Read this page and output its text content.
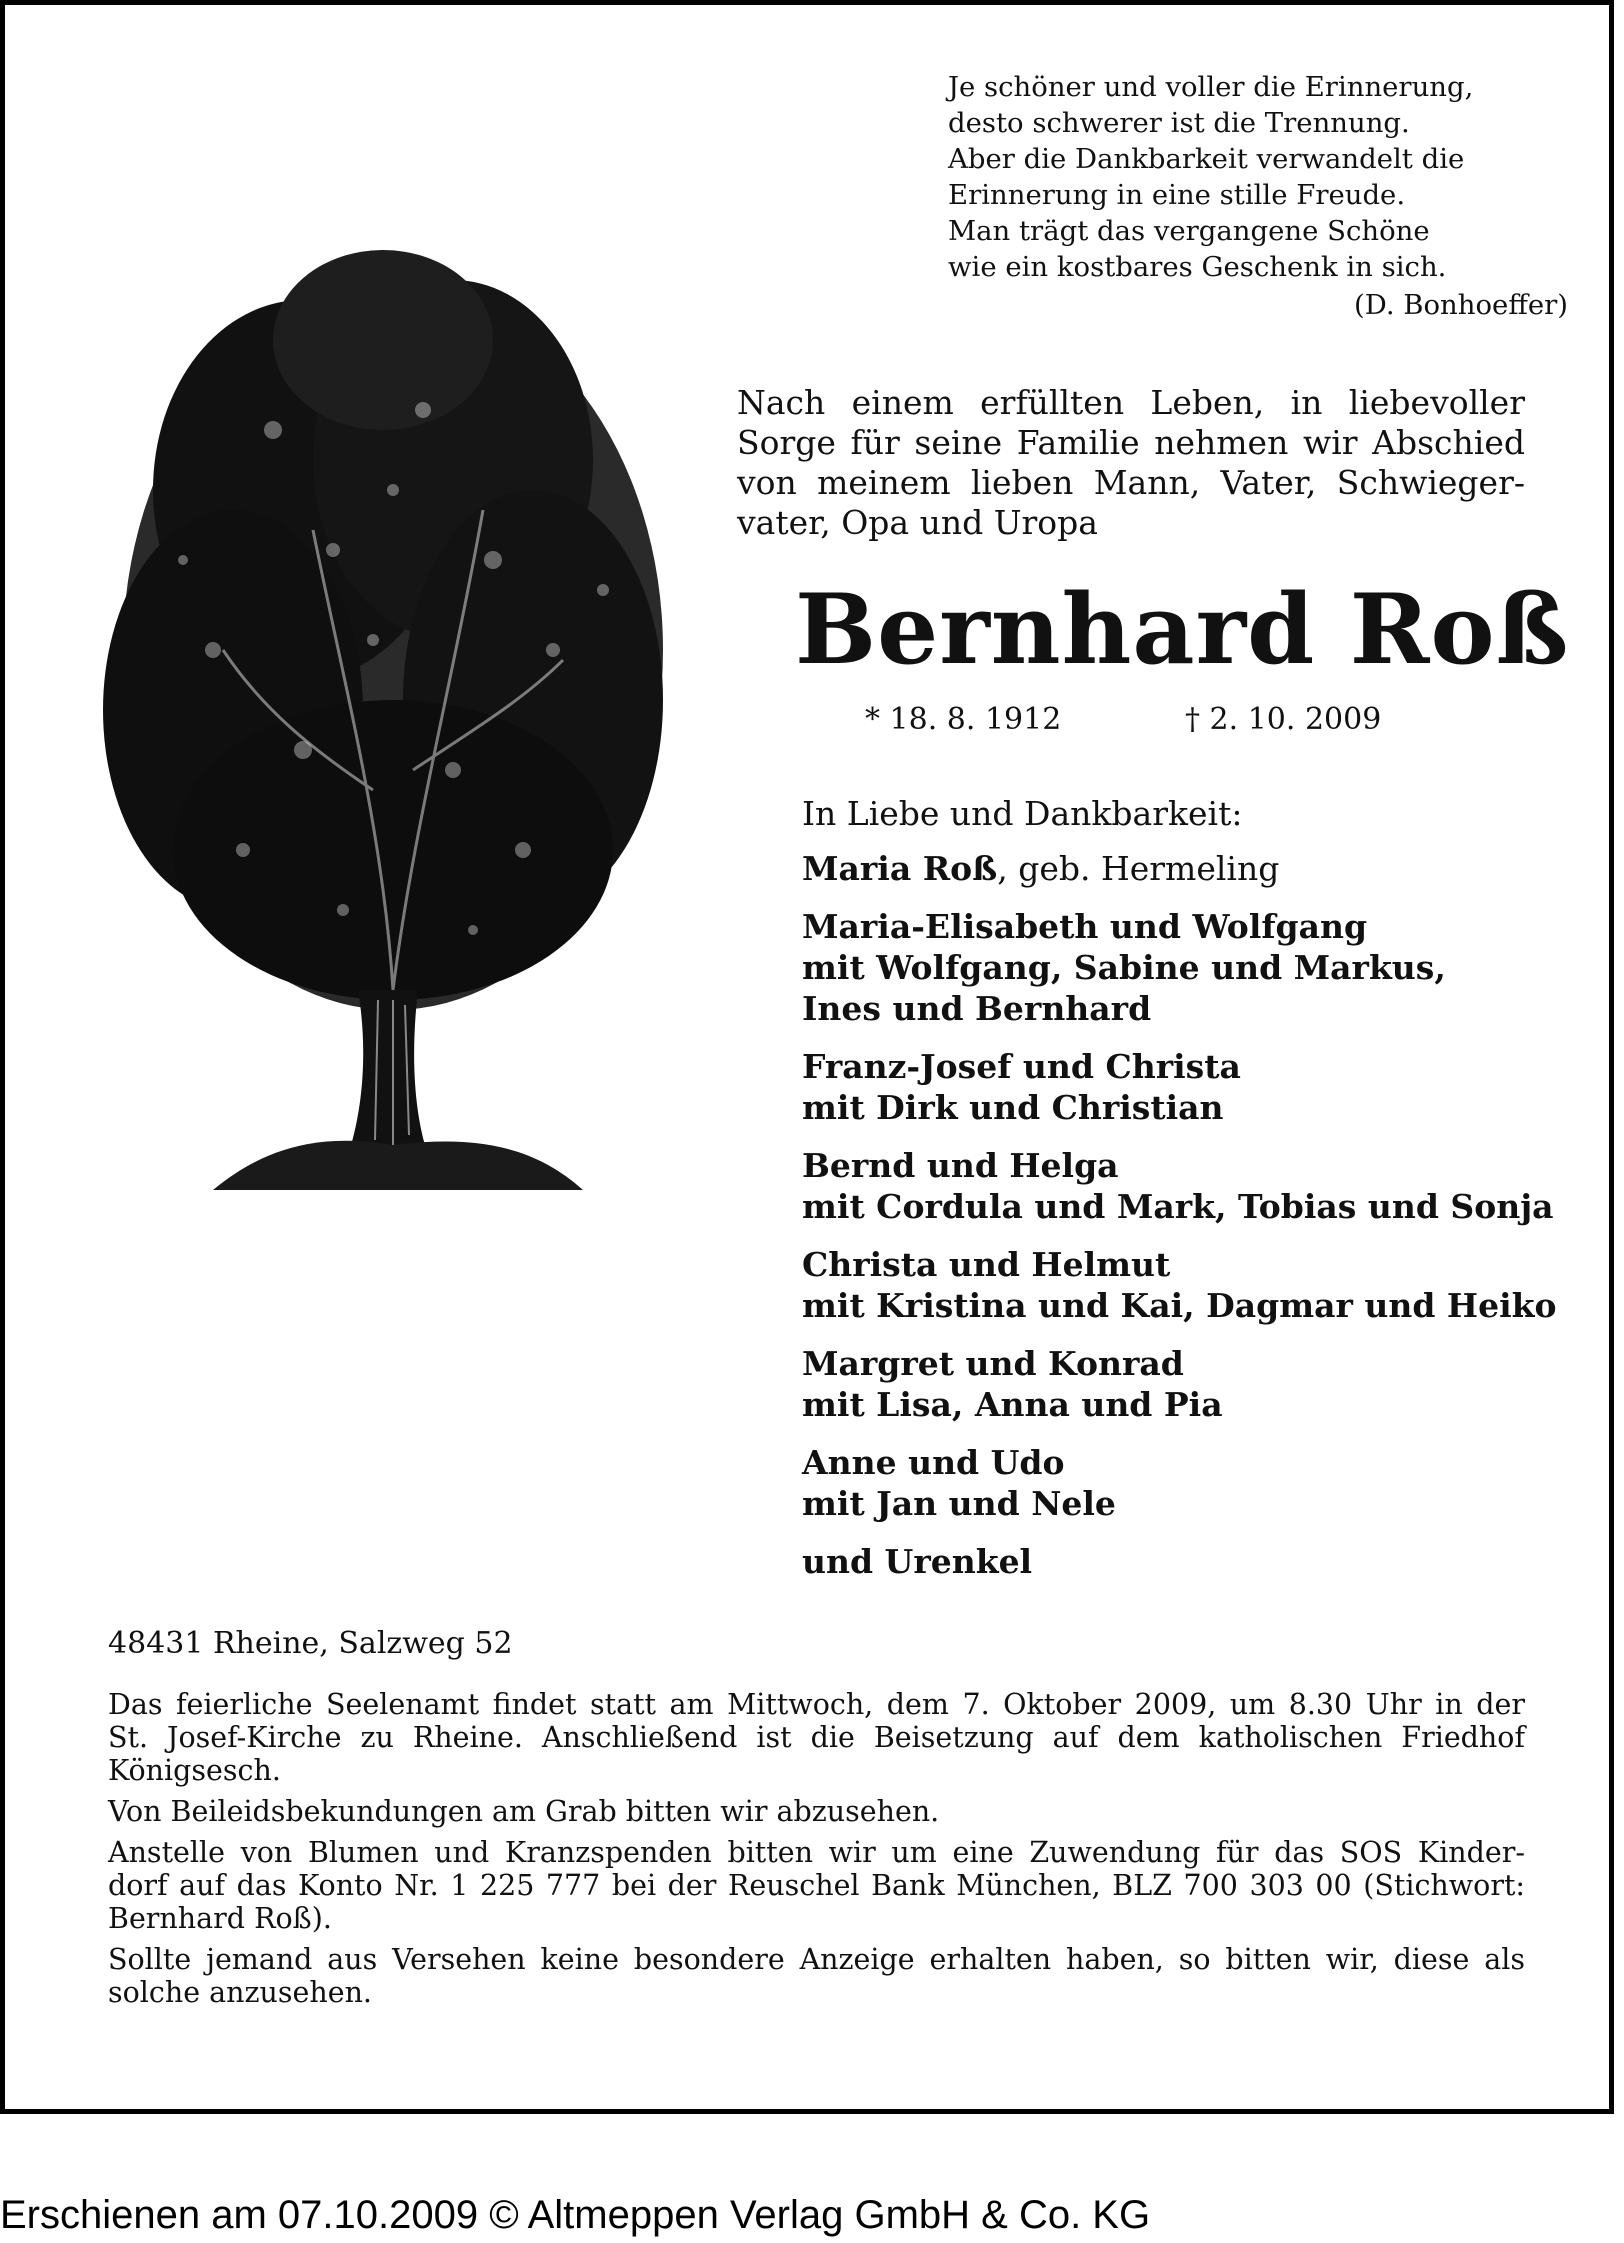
Je schöner und voller die Erinnerung,
desto schwerer ist die Trennung.
Aber die Dankbarkeit verwandelt die
Erinnerung in eine stille Freude.
Man trägt das vergangene Schöne
wie ein kostbares Geschenk in sich.
(D. Bonhoeffer)
Nach einem erfüllten Leben, in liebevoller
Sorge für seine Familie nehmen wir Abschied
von meinem lieben Mann, Vater, Schwieger-
vater, Opa und Uropa
Bernhard Roß
* 18. 8. 1912	† 2. 10. 2009
In Liebe und Dankbarkeit:
Maria Roß, geb. Hermeling
Maria-Elisabeth und Wolfgang
mit Wolfgang, Sabine und Markus,
Ines und Bernhard
Franz-Josef und Christa
mit Dirk und Christian
Bernd und Helga
mit Cordula und Mark, Tobias und Sonja
Christa und Helmut
mit Kristina und Kai, Dagmar und Heiko
Margret und Konrad
mit Lisa, Anna und Pia
Anne und Udo
mit Jan und Nele
und Urenkel
48431 Rheine, Salzweg 52

Das feierliche Seelenamt findet statt am Mittwoch, dem 7. Oktober 2009, um 8.30 Uhr in der
St. Josef-Kirche zu Rheine. Anschließend ist die Beisetzung auf dem katholischen Friedhof
Königsesch.

Von Beileidsbekundungen am Grab bitten wir abzusehen.

Anstelle von Blumen und Kranzspenden bitten wir um eine Zuwendung für das SOS Kinder-
dorf auf das Konto Nr. 1 225 777 bei der Reuschel Bank München, BLZ 700 303 00 (Stichwort:
Bernhard Roß).

Sollte jemand aus Versehen keine besondere Anzeige erhalten haben, so bitten wir, diese als
solche anzusehen.

Erschienen am 07.10.2009 © Altmeppen Verlag GmbH & Co. KG
